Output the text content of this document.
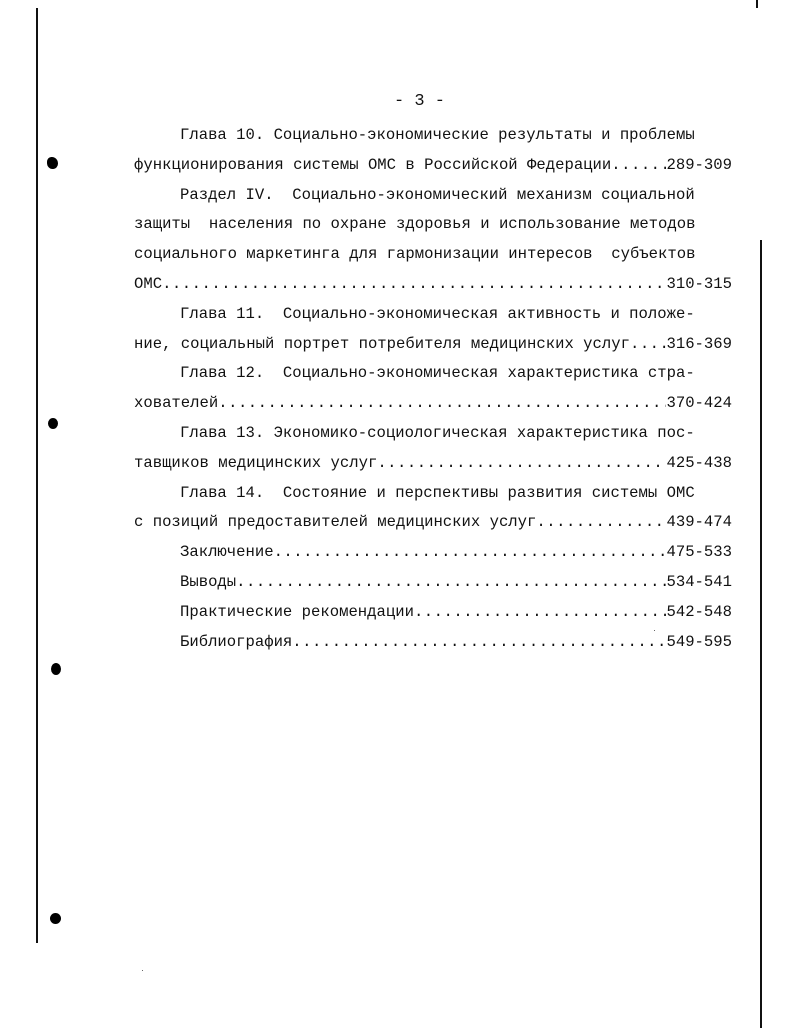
- 3 -
Глава 10. Социально-экономические результаты и проблемы
функционирования системы ОМС в Российской Федерации .....	289-309
Раздел IV.  Социально-экономический механизм социальной
защиты  населения по охране здоровья и использование методов
социального маркетинга для гармонизации интересов  субъектов
ОМС .....	310-315
Глава 11.  Социально-экономическая активность и положе-
ние, социальный портрет потребителя медицинских услуг ..... 316-369
Глава 12.  Социально-экономическая характеристика стра-
хователей .....	370-424
Глава 13. Экономико-социологическая характеристика пос-
тавщиков медицинских услуг .....	425-438
Глава 14.  Состояние и перспективы развития системы ОМС
с позиций предоставителей медицинских услуг .....	439-474
Заключение .....	475-533
Выводы .....	534-541
Практические рекомендации .....	542-548
Библиография .....	549-595
